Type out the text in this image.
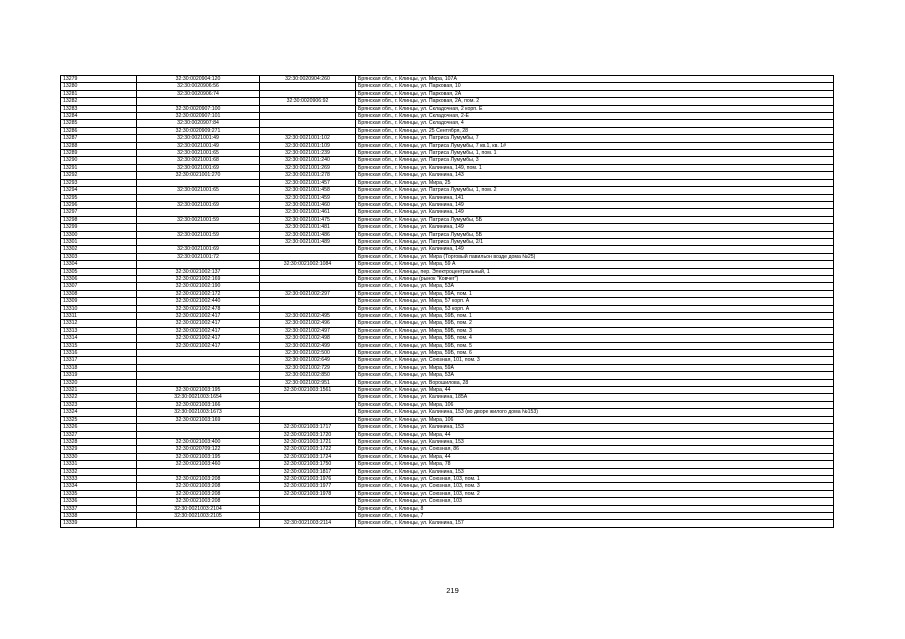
13279	32:30:0020904:120	32:30:0020904:260	Брянская обл., г. Клинцы, ул. Мира, 107А
13280	32:30:0020906:56		Брянская обл., г. Клинцы, ул. Парковая, 10
13281	32:30:0020906:74		Брянская обл., г. Клинцы, ул. Парковая, 2А
13282		32:30:0020906:92	Брянская обл., г. Клинцы, ул. Парковая, 2А, пом. 2
13283	32:30:0020907:100		Брянская обл., г. Клинцы, ул. Складочная, 2 корп. Е
13284	32:30:0020907:101		Брянская обл., г. Клинцы, ул. Складочная, 2-Е
13285	32:30:0020907:84		Брянская обл., г. Клинцы, ул. Складочная, 4
13286	32:30:0020909:271		Брянская обл., г. Клинцы, ул. 25 Сентября, 28
13287	32:30:0021001:49	32:30:0021001:102	Брянская обл., г. Клинцы, ул. Патриса Лумумбы, 7
13288	32:30:0021001:49	32:30:0021001:109	Брянская обл., г. Клинцы, ул. Патриса Лумумбы, 7 кв.1, кв. 1#
13289	32:30:0021001:65	32:30:0021001:239	Брянская обл., г. Клинцы, ул. Патриса Лумумбы, 1, пом. 1
13290	32:30:0021001:68	32:30:0021001:240	Брянская обл., г. Клинцы, ул. Патриса Лумумбы, 3
13291	32:30:0021001:69	32:30:0021001:269	Брянская обл., г. Клинцы, ул. Калинина, 149, пом. 1
13292	32:30:0021001:270	32:30:0021001:278	Брянская обл., г. Клинцы, ул. Калинина, 143
13293		32:30:0021001:457	Брянская обл., г. Клинцы, ул. Мира, 25
13294	32:30:0021001:65	32:30:0021001:458	Брянская обл., г. Клинцы, ул. Патриса Лумумбы, 1, пом. 2
13295		32:30:0021001:459	Брянская обл., г. Клинцы, ул. Калинина, 141
13296	32:30:0021001:69	32:30:0021001:460	Брянская обл., г. Клинцы, ул. Калинина, 149
13297		32:30:0021001:461	Брянская обл., г. Клинцы, ул. Калинина, 149
13298	32:30:0021001:59	32:30:0021001:475	Брянская обл., г. Клинцы, ул. Патриса Лумумбы, 5Б
13299		32:30:0021001:481	Брянская обл., г. Клинцы, ул. Калинина, 149
13300	32:30:0021001:59	32:30:0021001:486	Брянская обл., г. Клинцы, ул. Патриса Лумумбы, 5Б
13301		32:30:0021001:489	Брянская обл., г. Клинцы, ул. Патриса Лумумбы, 2/1
13302	32:30:0021001:69		Брянская обл., г. Клинцы, ул. Калинина, 149
13303	32:30:0021001:72		Брянская обл., г. Клинцы, ул. Мира (Торговый павильон возде дома №25)
13304		32:30:0021002:1084	Брянская обл., г. Клинцы, ул. Мира, 59 А
13305	32:30:0021002:137		Брянская обл., г. Клинцы, пер. Электроцентральный, 1
13306	32:30:0021002:169		Брянская обл., г. Клинцы (рынок "Ковчег")
13307	32:30:0021002:190		Брянская обл., г. Клинцы, ул. Мира, 53А
13308	32:30:0021002:172	32:30:0021002:297	Брянская обл., г. Клинцы, ул. Мира, 59А, пом. 1
13309	32:30:0021002:440		Брянская обл., г. Клинцы, ул. Мира, 57 корп. А
13310	32:30:0021002:478		Брянская обл., г. Клинцы, ул. Мира, 53 корп. А
13311	32:30:0021002:417	32:30:0021002:495	Брянская обл., г. Клинцы, ул. Мира, 59Б, пом. 1
13312	32:30:0021002:417	32:30:0021002:496	Брянская обл., г. Клинцы, ул. Мира, 59Б, пом. 2
13313	32:30:0021002:417	32:30:0021002:497	Брянская обл., г. Клинцы, ул. Мира, 59Б, пом. 3
13314	32:30:0021002:417	32:30:0021002:498	Брянская обл., г. Клинцы, ул. Мира, 59Б, пом. 4
13315	32:30:0021002:417	32:30:0021002:499	Брянская обл., г. Клинцы, ул. Мира, 59Б, пом. 5
13316		32:30:0021002:500	Брянская обл., г. Клинцы, ул. Мира, 59Б, пом. 6
13317		32:30:0021002:649	Брянская обл., г. Клинцы, ул. Союзная, 101, пом. 3
13318		32:30:0021002:729	Брянская обл., г. Клинцы, ул. Мира, 59А
13319		32:30:0021002:850	Брянская обл., г. Клинцы, ул. Мира, 53А
13320		32:30:0021002:951	Брянская обл., г. Клинцы, ул. Ворошилова, 28
13321	32:30:0021003:195	32:30:0021003:1561	Брянская обл., г. Клинцы, ул. Мира, 44
13322	32:30:0021003:1654		Брянская обл., г. Клинцы, ул. Калинина, 185А
13323	32:30:0021003:166		Брянская обл., г. Клинцы, ул. Мира, 106
13324	32:30:0021003:1673		Брянская обл., г. Клинцы, ул. Калинина, 153 (во дворе жилого дома №153)
13325	32:30:0021003:169		Брянская обл., г. Клинцы, ул. Мира, 106
13326		32:30:0021003:1717	Брянская обл., г. Клинцы, ул. Калинина, 153
13327		32:30:0021003:1720	Брянская обл., г. Клинцы, ул. Мира, 44
13328	32:30:0021003:400	32:30:0021003:1721	Брянская обл., г. Клинцы, ул. Калинина, 153
13329	32:30:0020709:122	32:30:0021003:1722	Брянская обл., г. Клинцы, ул. Союзная, 86
13330	32:30:0021003:195	32:30:0021003:1724	Брянская обл., г. Клинцы, ул. Мира, 44
13331	32:30:0021003:460	32:30:0021003:1750	Брянская обл., г. Клинцы, ул. Мира, 78
13332		32:30:0021003:1817	Брянская обл., г. Клинцы, ул. Калинина, 153
13333	32:30:0021003:208	32:30:0021003:1976	Брянская обл., г. Клинцы, ул. Союзная, 103, пом. 1
13334	32:30:0021003:208	32:30:0021003:1977	Брянская обл., г. Клинцы, ул. Союзная, 103, пом. 3
13335	32:30:0021003:208	32:30:0021003:1978	Брянская обл., г. Клинцы, ул. Союзная, 103, пом. 2
13336	32:30:0021003:208		Брянская обл., г. Клинцы, ул. Союзная, 103
13337	32:30:0021003:2104		Брянская обл., г. Клинцы, 8
13338	32:30:0021003:2105		Брянская обл., г. Клинцы, 7
13339		32:30:0021003:2114	Брянская обл., г. Клинцы, ул. Калинина, 157
219
